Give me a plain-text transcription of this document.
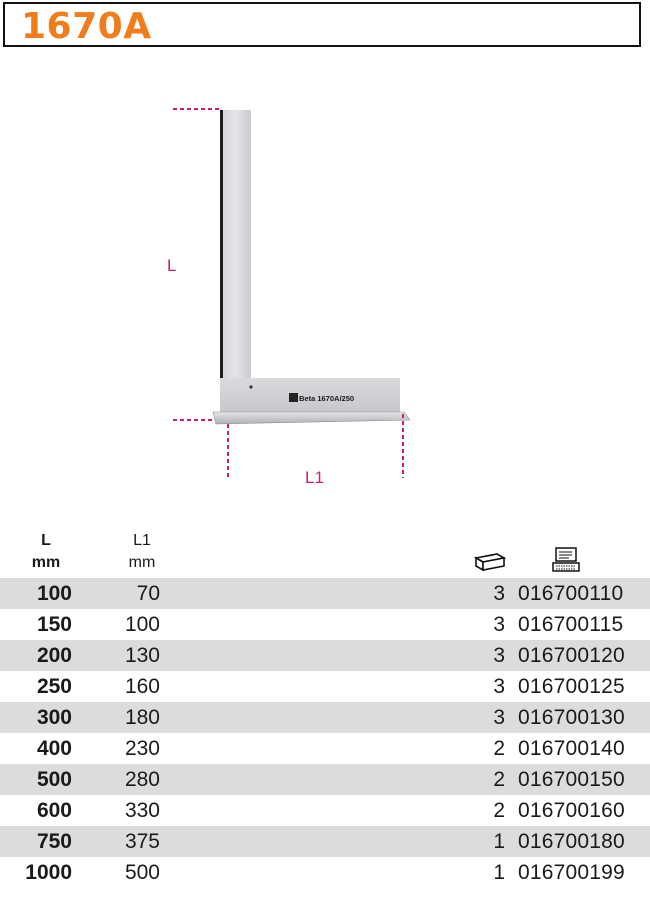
1670A
Beta 1670A/250
L
L1
L
mm
L1
mm
100	70	3 016700110
150	100	3 016700115
200	130	3 016700120
250	160	3 016700125
300	180	3 016700130
400	230	2 016700140
500	280	2 016700150
600	330	2 016700160
750	375	1 016700180
1000	500	1 016700199
